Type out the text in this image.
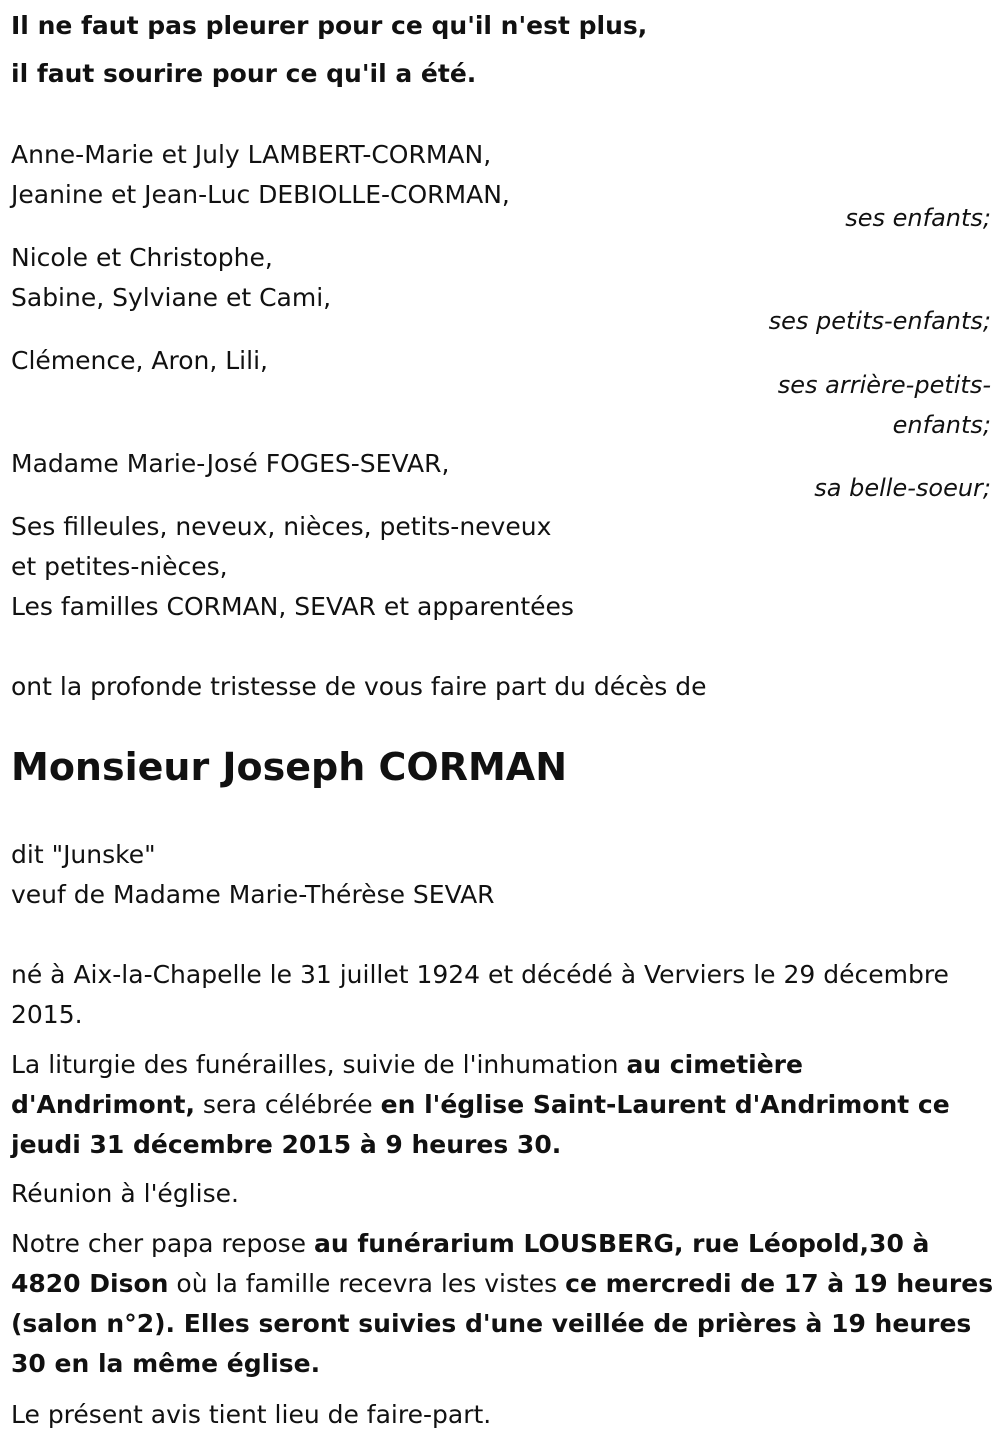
Il ne faut pas pleurer pour ce qu'il n'est plus,
il faut sourire pour ce qu'il a été.
Anne-Marie et July LAMBERT-CORMAN,
Jeanine et Jean-Luc DEBIOLLE-CORMAN,
ses enfants;
Nicole et Christophe,
Sabine, Sylviane et Cami,
ses petits-enfants;
Clémence, Aron, Lili,
ses arrière-petits-
enfants;
Madame Marie-José FOGES-SEVAR,
sa belle-soeur;
Ses filleules, neveux, nièces, petits-neveux
et petites-nièces,
Les familles CORMAN, SEVAR et apparentées
ont la profonde tristesse de vous faire part du décès de
Monsieur Joseph CORMAN
dit "Junske"
veuf de Madame Marie-Thérèse SEVAR
né à Aix-la-Chapelle le 31 juillet 1924 et décédé à Verviers le 29 décembre 2015.
La liturgie des funérailles, suivie de l'inhumation au cimetière d'Andrimont, sera célébrée en l'église Saint-Laurent d'Andrimont ce jeudi 31 décembre 2015 à 9 heures 30.
Réunion à l'église.
Notre cher papa repose au funérarium LOUSBERG, rue Léopold,30 à 4820 Dison où la famille recevra les vistes ce mercredi de 17 à 19 heures (salon n°2). Elles seront suivies d'une veillée de prières à 19 heures 30 en la même église.
Le présent avis tient lieu de faire-part.
